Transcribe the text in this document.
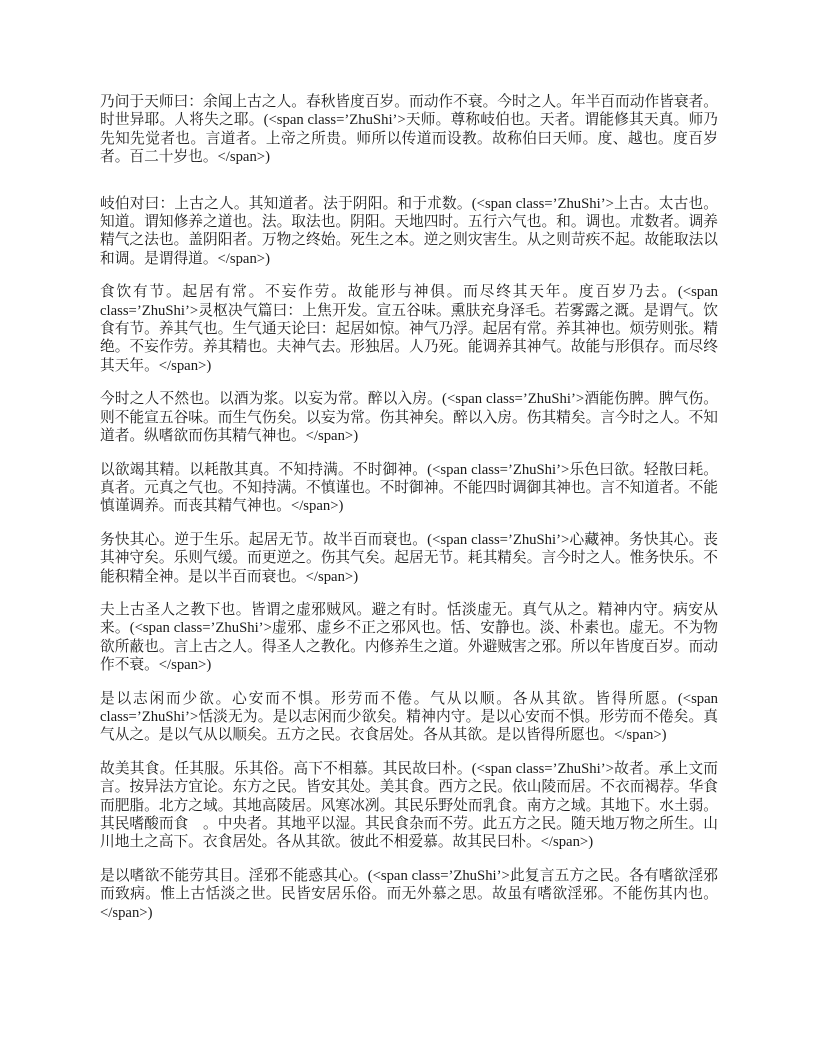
乃问于天师曰：余闻上古之人。春秋皆度百岁。而动作不衰。今时之人。年半百而动作皆衰者。时世异耶。人将失之耶。(<span class=’ZhuShi’>天师。尊称岐伯也。天者。谓能修其天真。师乃先知先觉者也。言道者。上帝之所贵。师所以传道而设教。故称伯曰天师。度、越也。度百岁者。百二十岁也。</span>)

岐伯对曰：上古之人。其知道者。法于阴阳。和于朮数。(<span class=’ZhuShi’>上古。太古也。知道。谓知修养之道也。法。取法也。阴阳。天地四时。五行六气也。和。调也。朮数者。调养精气之法也。盖阴阳者。万物之终始。死生之本。逆之则灾害生。从之则苛疾不起。故能取法以和调。是谓得道。</span>)

食饮有节。起居有常。不妄作劳。故能形与神俱。而尽终其天年。度百岁乃去。(<span class=’ZhuShi’>灵枢决气篇曰：上焦开发。宣五谷味。熏肤充身泽毛。若雾露之溉。是谓气。饮食有节。养其气也。生气通天论曰：起居如惊。神气乃浮。起居有常。养其神也。烦劳则张。精绝。不妄作劳。养其精也。夫神气去。形独居。人乃死。能调养其神气。故能与形俱存。而尽终其天年。</span>)

今时之人不然也。以酒为浆。以妄为常。醉以入房。(<span class=’ZhuShi’>酒能伤脾。脾气伤。则不能宣五谷味。而生气伤矣。以妄为常。伤其神矣。醉以入房。伤其精矣。言今时之人。不知道者。纵嗜欲而伤其精气神也。</span>)

以欲竭其精。以耗散其真。不知持满。不时御神。(<span class=’ZhuShi’>乐色曰欲。轻散曰耗。真者。元真之气也。不知持满。不慎谨也。不时御神。不能四时调御其神也。言不知道者。不能慎谨调养。而丧其精气神也。</span>)

务快其心。逆于生乐。起居无节。故半百而衰也。(<span class=’ZhuShi’>心藏神。务快其心。丧其神守矣。乐则气缓。而更逆之。伤其气矣。起居无节。耗其精矣。言今时之人。惟务快乐。不能积精全神。是以半百而衰也。</span>)

夫上古圣人之教下也。皆谓之虚邪贼风。避之有时。恬淡虚无。真气从之。精神内守。病安从来。(<span class=’ZhuShi’>虚邪、虚乡不正之邪风也。恬、安静也。淡、朴素也。虚无。不为物欲所蔽也。言上古之人。得圣人之教化。内修养生之道。外避贼害之邪。所以年皆度百岁。而动作不衰。</span>)

是以志闲而少欲。心安而不惧。形劳而不倦。气从以顺。各从其欲。皆得所愿。(<span class=’ZhuShi’>恬淡无为。是以志闲而少欲矣。精神内守。是以心安而不惧。形劳而不倦矣。真气从之。是以气从以顺矣。五方之民。衣食居处。各从其欲。是以皆得所愿也。</span>)

故美其食。任其服。乐其俗。高下不相慕。其民故曰朴。(<span class=’ZhuShi’>故者。承上文而言。按异法方宜论。东方之民。皆安其处。美其食。西方之民。依山陵而居。不衣而褐荐。华食而肥脂。北方之域。其地高陵居。风寒冰冽。其民乐野处而乳食。南方之域。其地下。水土弱。其民嗜酸而食　。中央者。其地平以湿。其民食杂而不劳。此五方之民。随天地万物之所生。山川地土之高下。衣食居处。各从其欲。彼此不相爱慕。故其民曰朴。</span>)

是以嗜欲不能劳其目。淫邪不能惑其心。(<span class=’ZhuShi’>此复言五方之民。各有嗜欲淫邪而致病。惟上古恬淡之世。民皆安居乐俗。而无外慕之思。故虽有嗜欲淫邪。不能伤其内也。</span>)
